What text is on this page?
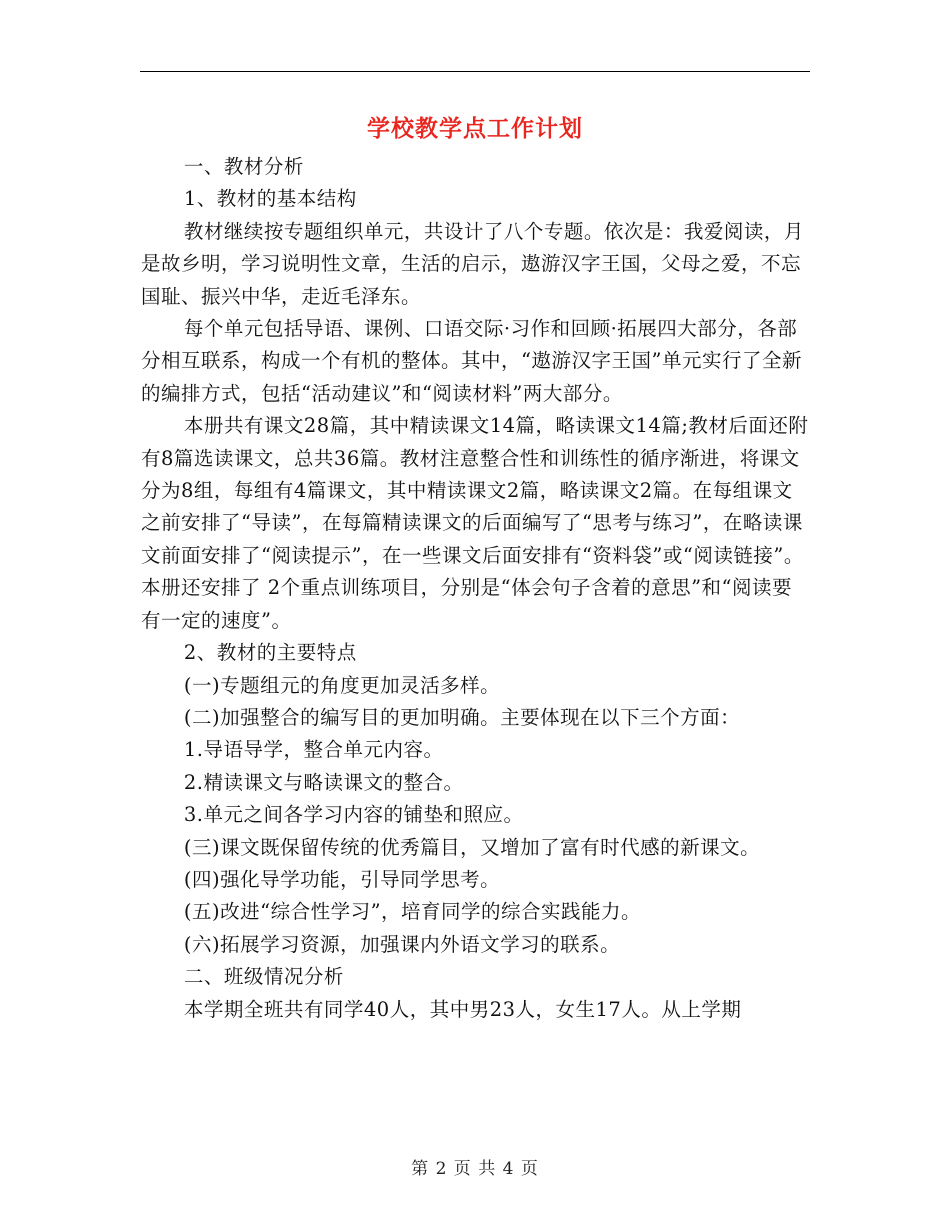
学校教学点工作计划

一、教材分析

1、教材的基本结构

教材继续按专题组织单元，共设计了八个专题。依次是：我爱阅读，月是故乡明，学习说明性文章，生活的启示，遨游汉字王国，父母之爱，不忘国耻、振兴中华，走近毛泽东。

每个单元包括导语、课例、口语交际·习作和回顾·拓展四大部分，各部分相互联系，构成一个有机的整体。其中，“遨游汉字王国”单元实行了全新的编排方式，包括“活动建议”和“阅读材料”两大部分。

本册共有课文28篇，其中精读课文14篇，略读课文14篇;教材后面还附有8篇选读课文，总共36篇。教材注意整合性和训练性的循序渐进，将课文分为8组，每组有4篇课文，其中精读课文2篇，略读课文2篇。在每组课文之前安排了“导读”，在每篇精读课文的后面编写了“思考与练习”，在略读课文前面安排了“阅读提示”，在一些课文后面安排有“资料袋”或“阅读链接”。本册还安排了 2个重点训练项目，分别是“体会句子含着的意思”和“阅读要有一定的速度”。

2、教材的主要特点

(一)专题组元的角度更加灵活多样。

(二)加强整合的编写目的更加明确。主要体现在以下三个方面：

1.导语导学，整合单元内容。

2.精读课文与略读课文的整合。

3.单元之间各学习内容的铺垫和照应。

(三)课文既保留传统的优秀篇目，又增加了富有时代感的新课文。

(四)强化导学功能，引导同学思考。

(五)改进“综合性学习”，培育同学的综合实践能力。

(六)拓展学习资源，加强课内外语文学习的联系。

二、班级情况分析

本学期全班共有同学40人，其中男23人，女生17人。从上学期

第 2 页 共 4 页
